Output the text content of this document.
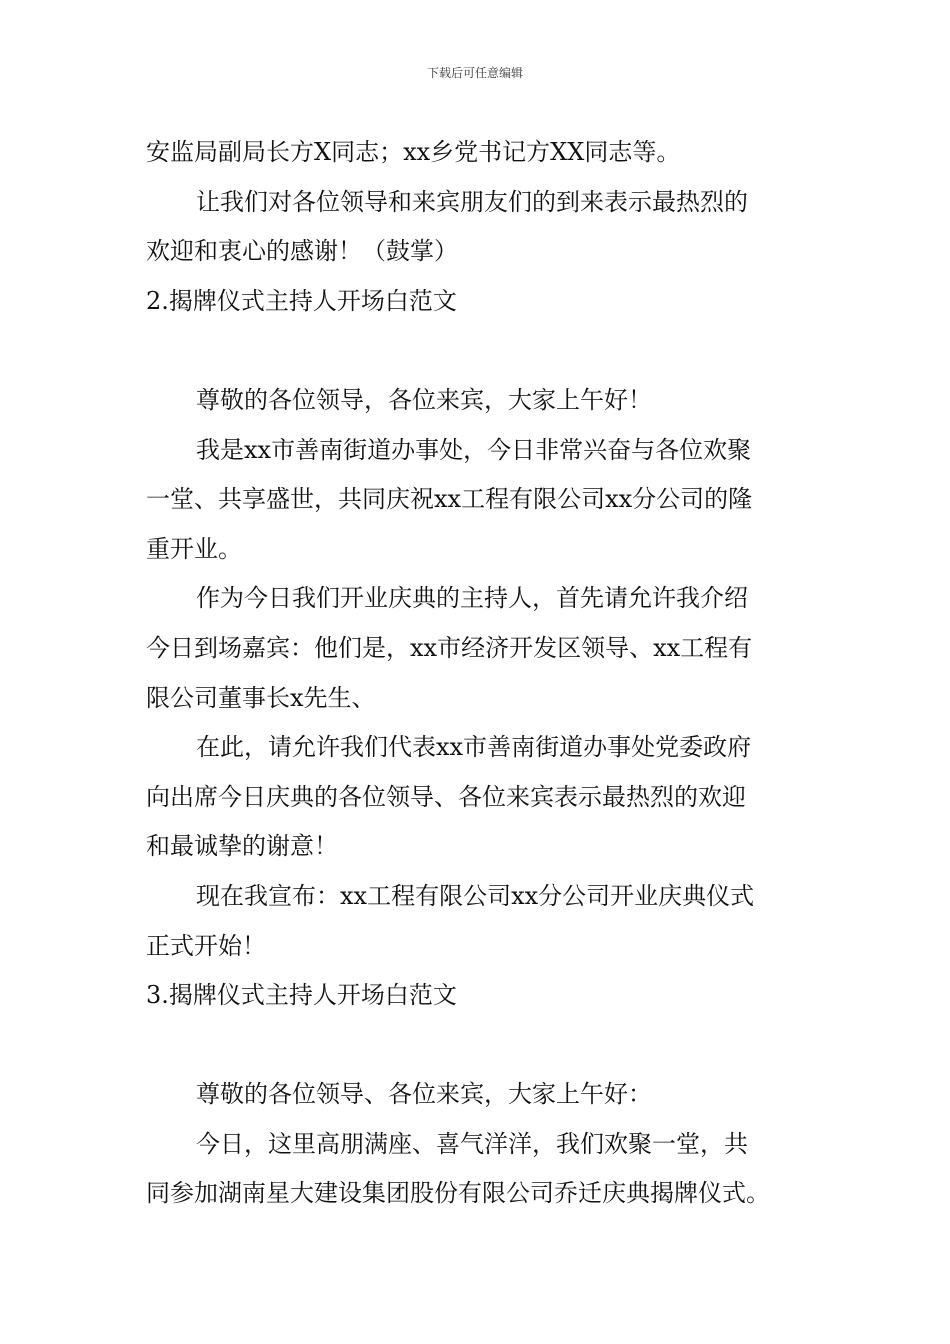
下载后可任意编辑
安监局副局长方X同志；xx乡党书记方XX同志等。
让我们对各位领导和来宾朋友们的到来表示最热烈的
欢迎和衷心的感谢！（鼓掌）
2.揭牌仪式主持人开场白范文
尊敬的各位领导，各位来宾，大家上午好！
我是xx市善南街道办事处，今日非常兴奋与各位欢聚
一堂、共享盛世，共同庆祝xx工程有限公司xx分公司的隆
重开业。
作为今日我们开业庆典的主持人，首先请允许我介绍
今日到场嘉宾：他们是，xx市经济开发区领导、xx工程有
限公司董事长x先生、
在此，请允许我们代表xx市善南街道办事处党委政府
向出席今日庆典的各位领导、各位来宾表示最热烈的欢迎
和最诚挚的谢意！
现在我宣布：xx工程有限公司xx分公司开业庆典仪式
正式开始！
3.揭牌仪式主持人开场白范文
尊敬的各位领导、各位来宾，大家上午好：
今日，这里高朋满座、喜气洋洋，我们欢聚一堂，共
同参加湖南星大建设集团股份有限公司乔迁庆典揭牌仪式。
